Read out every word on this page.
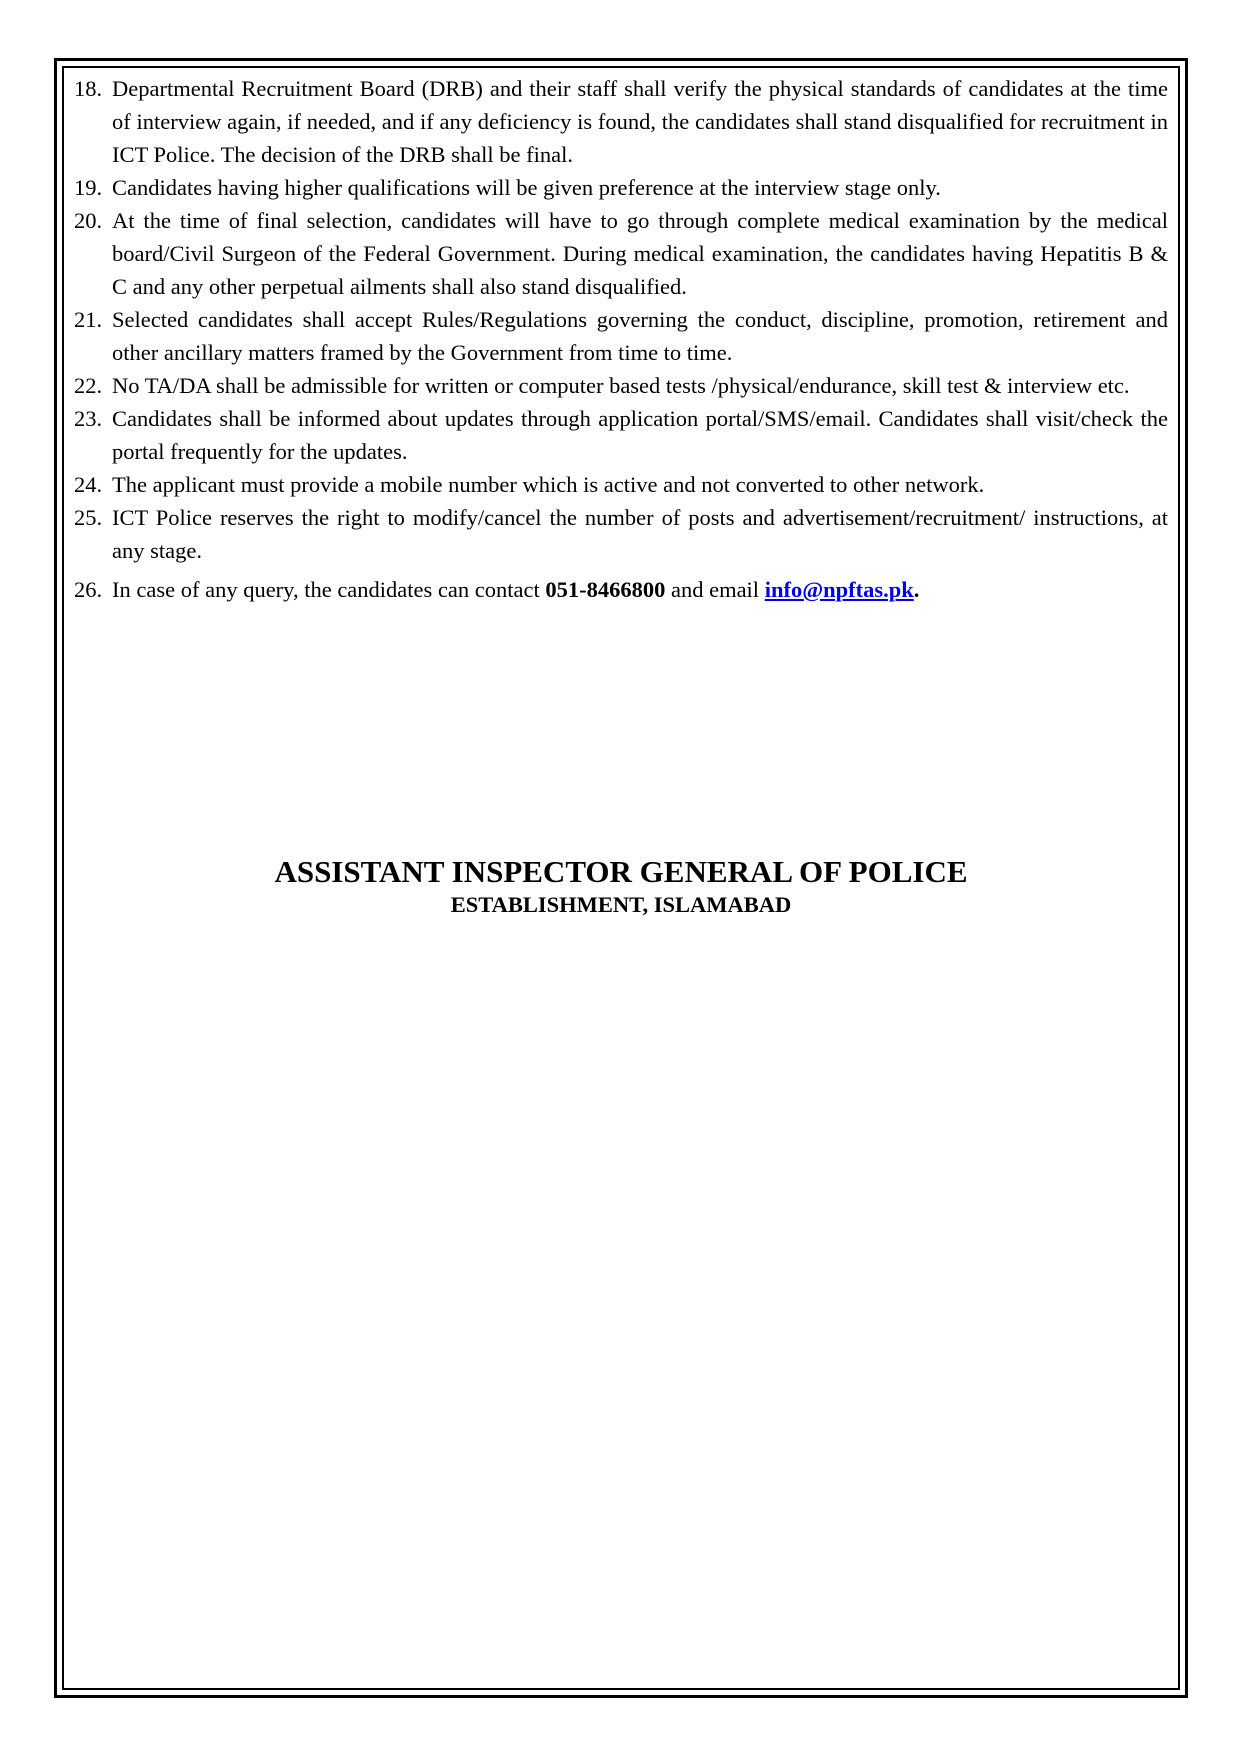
18. Departmental Recruitment Board (DRB) and their staff shall verify the physical standards of candidates at the time of interview again, if needed, and if any deficiency is found, the candidates shall stand disqualified for recruitment in ICT Police. The decision of the DRB shall be final.
19. Candidates having higher qualifications will be given preference at the interview stage only.
20. At the time of final selection, candidates will have to go through complete medical examination by the medical board/Civil Surgeon of the Federal Government. During medical examination, the candidates having Hepatitis B & C and any other perpetual ailments shall also stand disqualified.
21. Selected candidates shall accept Rules/Regulations governing the conduct, discipline, promotion, retirement and other ancillary matters framed by the Government from time to time.
22. No TA/DA shall be admissible for written or computer based tests /physical/endurance, skill test & interview etc.
23. Candidates shall be informed about updates through application portal/SMS/email. Candidates shall visit/check the portal frequently for the updates.
24. The applicant must provide a mobile number which is active and not converted to other network.
25. ICT Police reserves the right to modify/cancel the number of posts and advertisement/recruitment/ instructions, at any stage.
26. In case of any query, the candidates can contact 051-8466800 and email info@npftas.pk.
ASSISTANT INSPECTOR GENERAL OF POLICE
ESTABLISHMENT, ISLAMABAD
